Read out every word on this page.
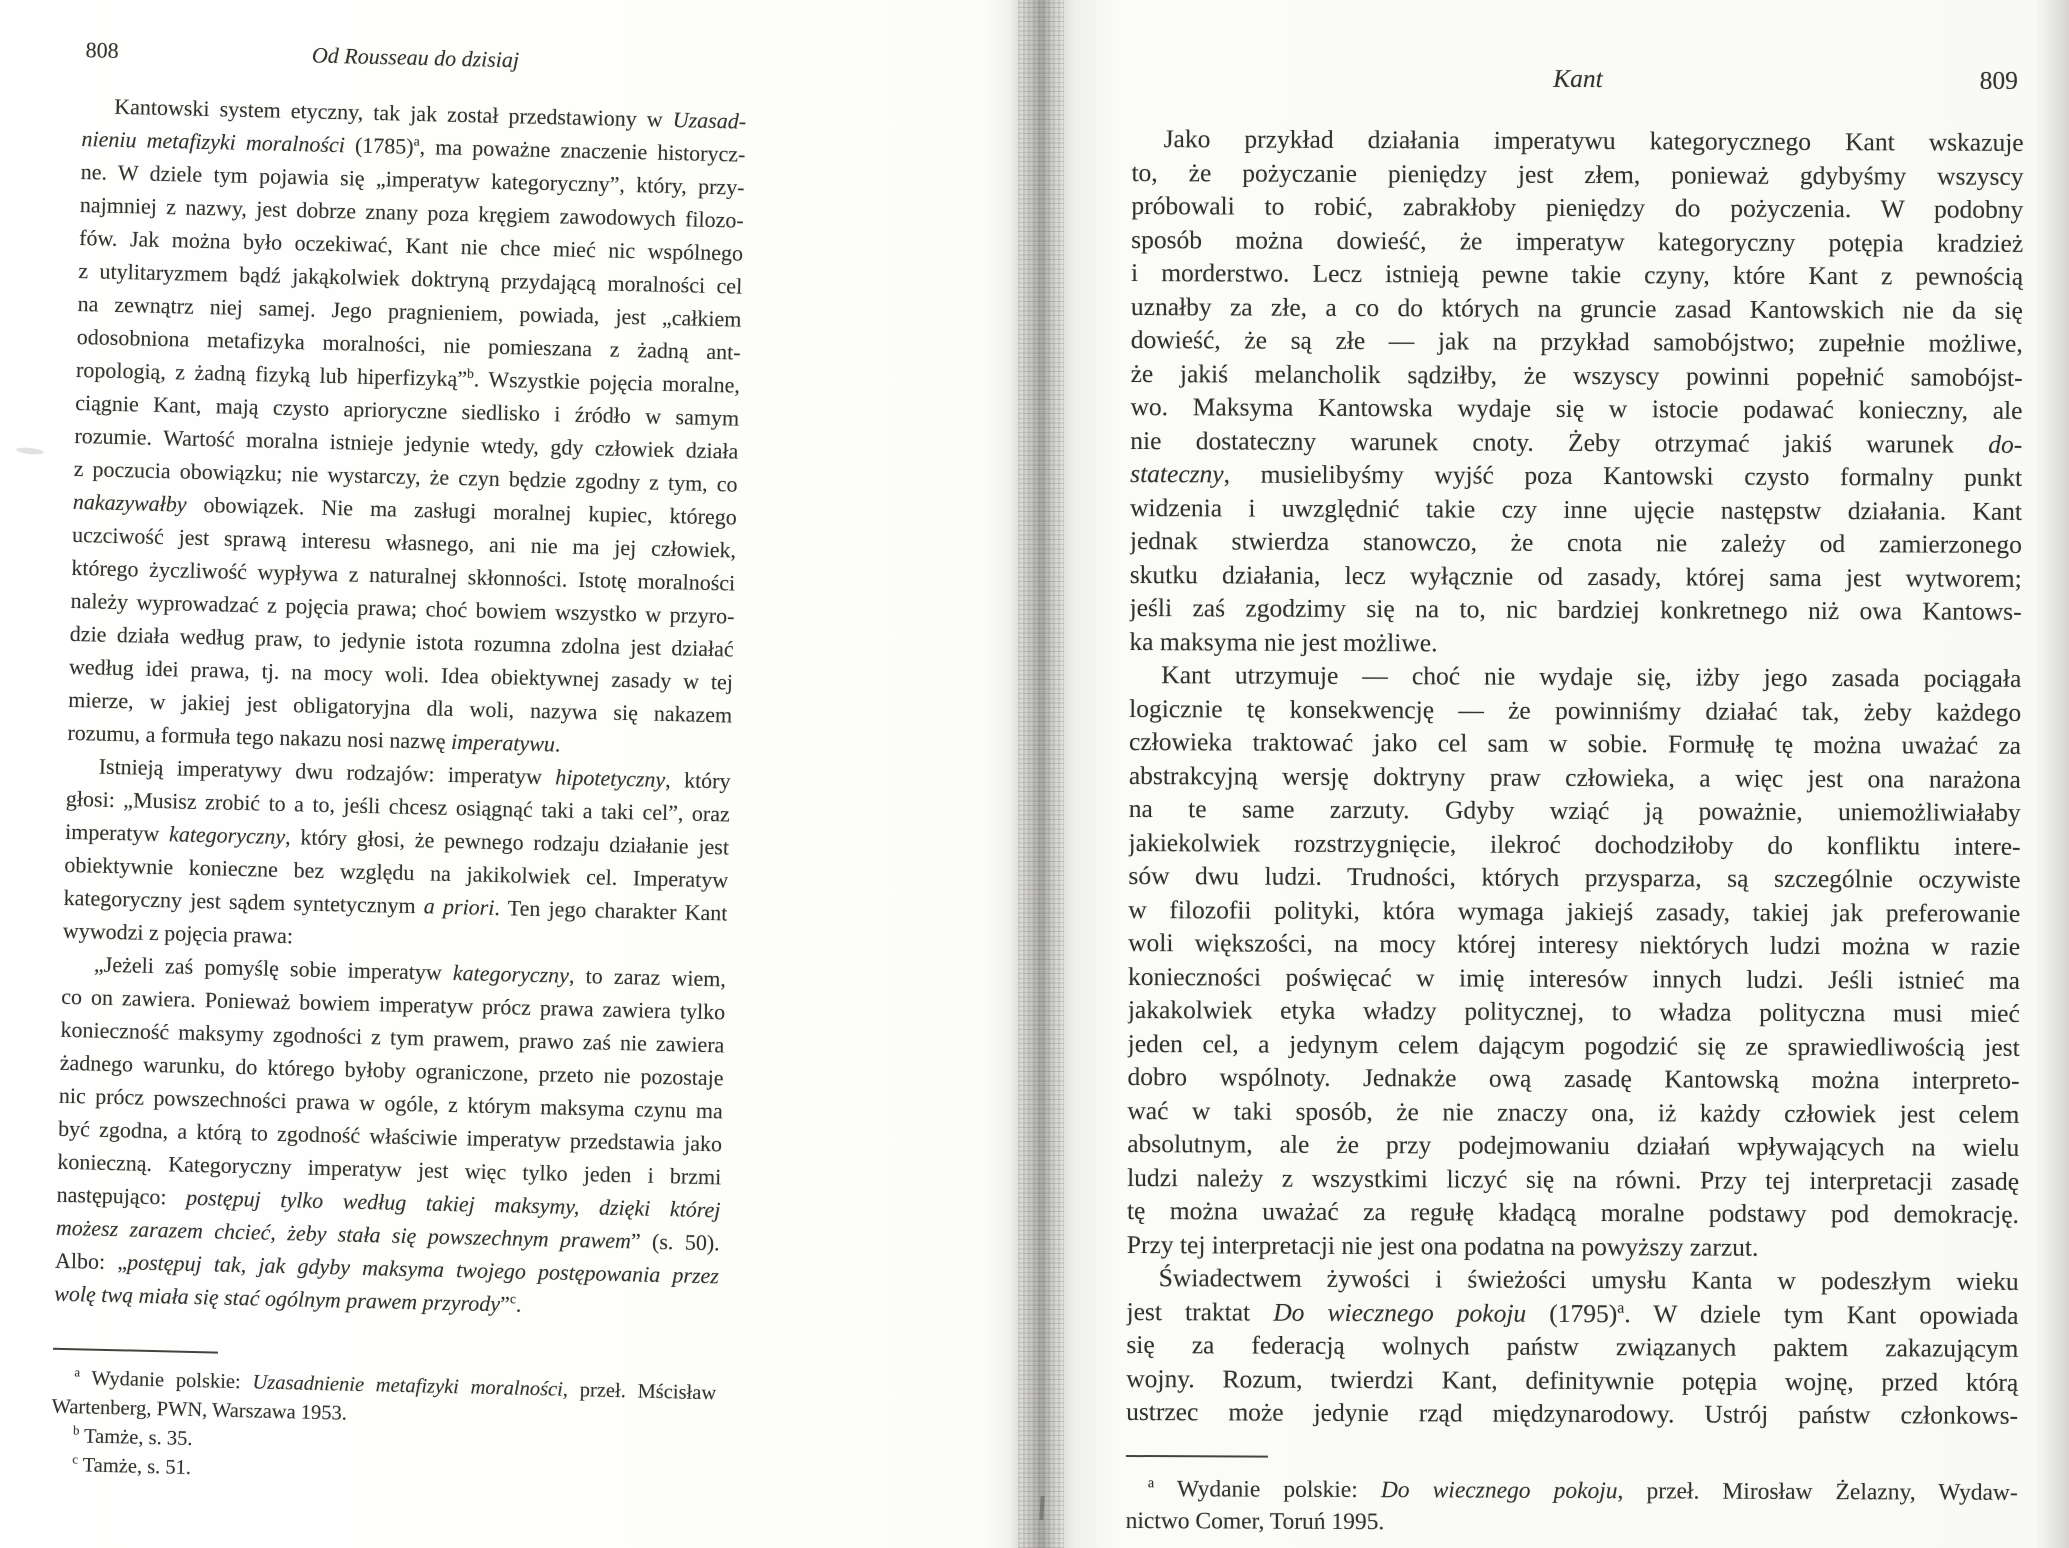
808	Od Rousseau do dzisiaj
Kantowski system etyczny, tak jak został przedstawiony w Uzasad-
nieniu metafizyki moralności $(1785)^a$, ma poważne znaczenie historycz-
ne. W dziele tym pojawia się „imperatyw kategoryczny”, który, przy-
najmniej z nazwy, jest dobrze znany poza kręgiem zawodowych filozo-
fów. Jak można było oczekiwać, Kant nie chce mieć nic wspólnego
z utylitaryzmem bądź jakąkolwiek doktryną przydającą moralności cel
na zewnątrz niej samej. Jego pragnieniem, powiada, jest „całkiem
odosobniona metafizyka moralności, nie pomieszana z żadną ant-
ropologią, z żadną fizyką lub hiperfizyką”$^b$. Wszystkie pojęcia moralne,
ciągnie Kant, mają czysto aprioryczne siedlisko i źródło w samym
rozumie. Wartość moralna istnieje jedynie wtedy, gdy człowiek działa
z poczucia obowiązku; nie wystarczy, że czyn będzie zgodny z tym, co
nakazywałby obowiązek. Nie ma zasługi moralnej kupiec, którego
uczciwość jest sprawą interesu własnego, ani nie ma jej człowiek,
którego życzliwość wypływa z naturalnej skłonności. Istotę moralności
należy wyprowadzać z pojęcia prawa; choć bowiem wszystko w przyro-
dzie działa według praw, to jedynie istota rozumna zdolna jest działać
według idei prawa, tj. na mocy woli. Idea obiektywnej zasady w tej
mierze, w jakiej jest obligatoryjna dla woli, nazywa się nakazem
rozumu, a formuła tego nakazu nosi nazwę imperatywu.
Istnieją imperatywy dwu rodzajów: imperatyw hipotetyczny, który
głosi: „Musisz zrobić to a to, jeśli chcesz osiągnąć taki a taki cel”, oraz
imperatyw kategoryczny, który głosi, że pewnego rodzaju działanie jest
obiektywnie konieczne bez względu na jakikolwiek cel. Imperatyw
kategoryczny jest sądem syntetycznym a priori. Ten jego charakter Kant
wywodzi z pojęcia prawa:
„Jeżeli zaś pomyślę sobie imperatyw kategoryczny, to zaraz wiem,
co on zawiera. Ponieważ bowiem imperatyw prócz prawa zawiera tylko
konieczność maksymy zgodności z tym prawem, prawo zaś nie zawiera
żadnego warunku, do którego byłoby ograniczone, przeto nie pozostaje
nic prócz powszechności prawa w ogóle, z którym maksyma czynu ma
być zgodna, a którą to zgodność właściwie imperatyw przedstawia jako
konieczną. Kategoryczny imperatyw jest więc tylko jeden i brzmi
następująco: postępuj tylko według takiej maksymy, dzięki której
możesz zarazem chcieć, żeby stała się powszechnym prawem” (s. 50).
Albo: „postępuj tak, jak gdyby maksyma twojego postępowania przez
wolę twą miała się stać ogólnym prawem przyrody”$^c$.
$^a$ Wydanie polskie: Uzasadnienie metafizyki moralności, przeł. Mścisław
Wartenberg, PWN, Warszawa 1953.
$^b$ Tamże, s. 35.
$^c$ Tamże, s. 51.
Kant	809
Jako przykład działania imperatywu kategorycznego Kant wskazuje
to, że pożyczanie pieniędzy jest złem, ponieważ gdybyśmy wszyscy
próbowali to robić, zabrakłoby pieniędzy do pożyczenia. W podobny
sposób można dowieść, że imperatyw kategoryczny potępia kradzież
i morderstwo. Lecz istnieją pewne takie czyny, które Kant z pewnością
uznałby za złe, a co do których na gruncie zasad Kantowskich nie da się
dowieść, że są złe — jak na przykład samobójstwo; zupełnie możliwe,
że jakiś melancholik sądziłby, że wszyscy powinni popełnić samobójst-
wo. Maksyma Kantowska wydaje się w istocie podawać konieczny, ale
nie dostateczny warunek cnoty. Żeby otrzymać jakiś warunek do-
stateczny, musielibyśmy wyjść poza Kantowski czysto formalny punkt
widzenia i uwzględnić takie czy inne ujęcie następstw działania. Kant
jednak stwierdza stanowczo, że cnota nie zależy od zamierzonego
skutku działania, lecz wyłącznie od zasady, której sama jest wytworem;
jeśli zaś zgodzimy się na to, nic bardziej konkretnego niż owa Kantows-
ka maksyma nie jest możliwe.
Kant utrzymuje — choć nie wydaje się, iżby jego zasada pociągała
logicznie tę konsekwencję — że powinniśmy działać tak, żeby każdego
człowieka traktować jako cel sam w sobie. Formułę tę można uważać za
abstrakcyjną wersję doktryny praw człowieka, a więc jest ona narażona
na te same zarzuty. Gdyby wziąć ją poważnie, uniemożliwiałaby
jakiekolwiek rozstrzygnięcie, ilekroć dochodziłoby do konfliktu intere-
sów dwu ludzi. Trudności, których przysparza, są szczególnie oczywiste
w filozofii polityki, która wymaga jakiejś zasady, takiej jak preferowanie
woli większości, na mocy której interesy niektórych ludzi można w razie
konieczności poświęcać w imię interesów innych ludzi. Jeśli istnieć ma
jakakolwiek etyka władzy politycznej, to władza polityczna musi mieć
jeden cel, a jedynym celem dającym pogodzić się ze sprawiedliwością jest
dobro wspólnoty. Jednakże ową zasadę Kantowską można interpreto-
wać w taki sposób, że nie znaczy ona, iż każdy człowiek jest celem
absolutnym, ale że przy podejmowaniu działań wpływających na wielu
ludzi należy z wszystkimi liczyć się na równi. Przy tej interpretacji zasadę
tę można uważać za regułę kładącą moralne podstawy pod demokrację.
Przy tej interpretacji nie jest ona podatna na powyższy zarzut.
Świadectwem żywości i świeżości umysłu Kanta w podeszłym wieku
jest traktat Do wiecznego pokoju $(1795)^a$. W dziele tym Kant opowiada
się za federacją wolnych państw związanych paktem zakazującym
wojny. Rozum, twierdzi Kant, definitywnie potępia wojnę, przed którą
ustrzec może jedynie rząd międzynarodowy. Ustrój państw członkows-
$^a$ Wydanie polskie: Do wiecznego pokoju, przeł. Mirosław Żelazny, Wydaw-
nictwo Comer, Toruń 1995.
